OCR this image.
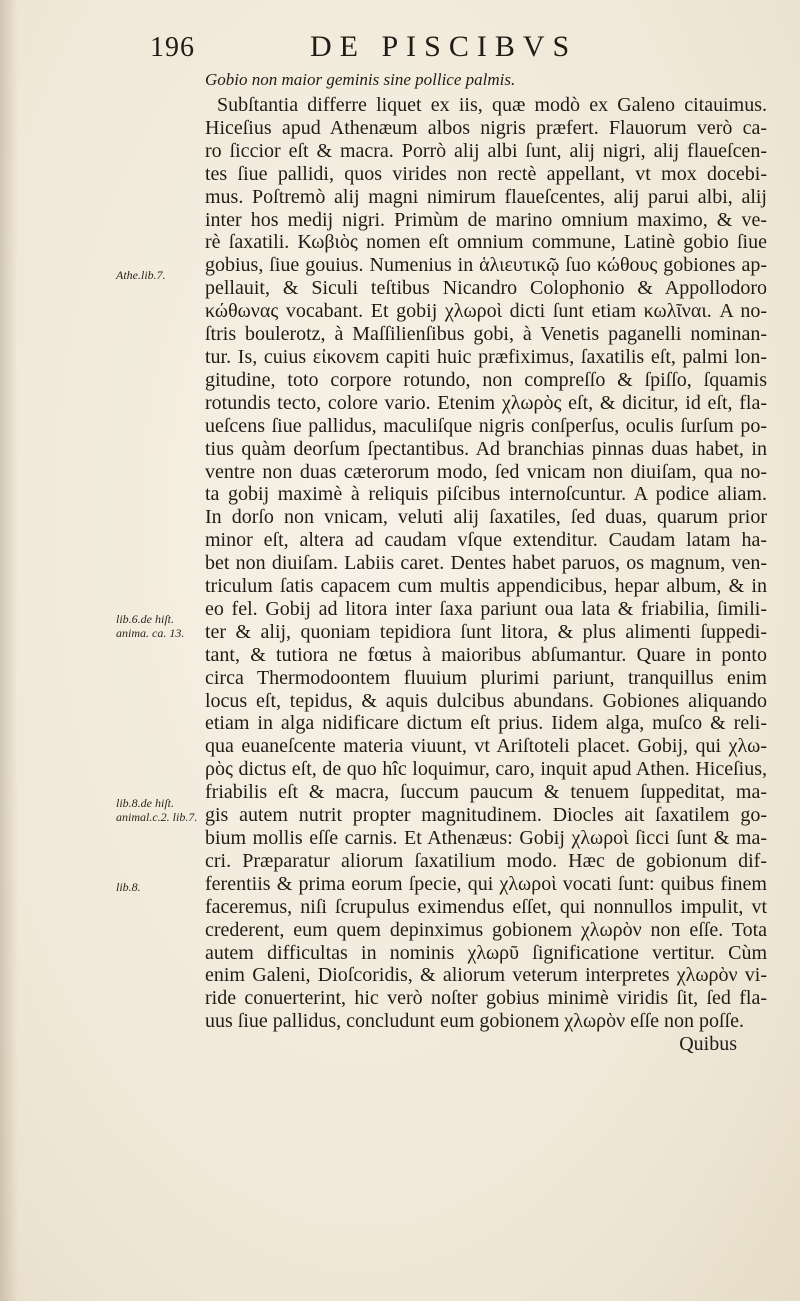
196	DE PISCIBVS
Gobio non maior geminis sine pollice palmis.
Athe.lib.7.
lib.6.de hiſt. anima. ca. 13.
lib.8.de hiſt. animal.c.2. lib.7.
lib.8.
Subſtantia differre liquet ex iis, quæ modò ex Galeno citauimus.
Hiceſius apud Athenæum albos nigris præfert. Flauorum verò ca-
ro ſiccior eſt & macra. Porrò alij albi ſunt, alij nigri, alij flaueſcen-
tes ſiue pallidi, quos virides non rectè appellant, vt mox docebi-
mus. Poſtremò alij magni nimirum flaueſcentes, alij parui albi, alij
inter hos medij nigri. Primùm de marino omnium maximo, & ve-
rè ſaxatili. Κωβιὸς nomen eſt omnium commune, Latinè gobio ſiue
gobius, ſiue gouius. Numenius in ἁλιευτικῷ ſuo κώθους gobiones ap-
pellauit, & Siculi teſtibus Nicandro Colophonio & Appollodoro
κώθωνας vocabant. Et gobij χλωροὶ dicti ſunt etiam κωλῖναι. A no-
ſtris boulerotz, à Maſſilienſibus gobi, à Venetis paganelli nominan-
tur. Is, cuius εἰκονεm capiti huic præfiximus, ſaxatilis eſt, palmi lon-
gitudine, toto corpore rotundo, non compreſſo & ſpiſſo, ſquamis
rotundis tecto, colore vario. Etenim χλωρὸς eſt, & dicitur, id eſt, fla-
ueſcens ſiue pallidus, maculiſque nigris conſperſus, oculis ſurſum po-
tius quàm deorſum ſpectantibus. Ad branchias pinnas duas habet, in
ventre non duas cæterorum modo, ſed vnicam non diuiſam, qua no-
ta gobij maximè à reliquis piſcibus internoſcuntur. A podice aliam.
In dorſo non vnicam, veluti alij ſaxatiles, ſed duas, quarum prior
minor eſt, altera ad caudam vſque extenditur. Caudam latam ha-
bet non diuiſam. Labiis caret. Dentes habet paruos, os magnum, ven-
triculum ſatis capacem cum multis appendicibus, hepar album, & in
eo fel. Gobij ad litora inter ſaxa pariunt oua lata & friabilia, ſimili-
ter & alij, quoniam tepidiora ſunt litora, & plus alimenti ſuppedi-
tant, & tutiora ne fœtus à maioribus abſumantur. Quare in ponto
circa Thermodoontem fluuium plurimi pariunt, tranquillus enim
locus eſt, tepidus, & aquis dulcibus abundans. Gobiones aliquando
etiam in alga nidificare dictum eſt prius. Iidem alga, muſco & reli-
qua euaneſcente materia viuunt, vt Ariſtoteli placet. Gobij, qui χλω-
ρὸς dictus eſt, de quo hîc loquimur, caro, inquit apud Athen. Hiceſius,
friabilis eſt & macra, ſuccum paucum & tenuem ſuppeditat, ma-
gis autem nutrit propter magnitudinem. Diocles ait ſaxatilem go-
bium mollis eſſe carnis. Et Athenæus: Gobij χλωροὶ ſicci ſunt & ma-
cri. Præparatur aliorum ſaxatilium modo. Hæc de gobionum dif-
ferentiis & prima eorum ſpecie, qui χλωροὶ vocati ſunt: quibus finem
faceremus, niſi ſcrupulus eximendus eſſet, qui nonnullos impulit, vt
crederent, eum quem depinximus gobionem χλωρὸν non eſſe. Tota
autem difficultas in nominis χλωρῦ ſignificatione vertitur. Cùm
enim Galeni, Dioſcoridis, & aliorum veterum interpretes χλωρὸν vi-
ride conuerterint, hic verò noſter gobius minimè viridis ſit, ſed fla-
uus ſiue pallidus, concludunt eum gobionem χλωρὸν eſſe non poſſe.
Quibus
